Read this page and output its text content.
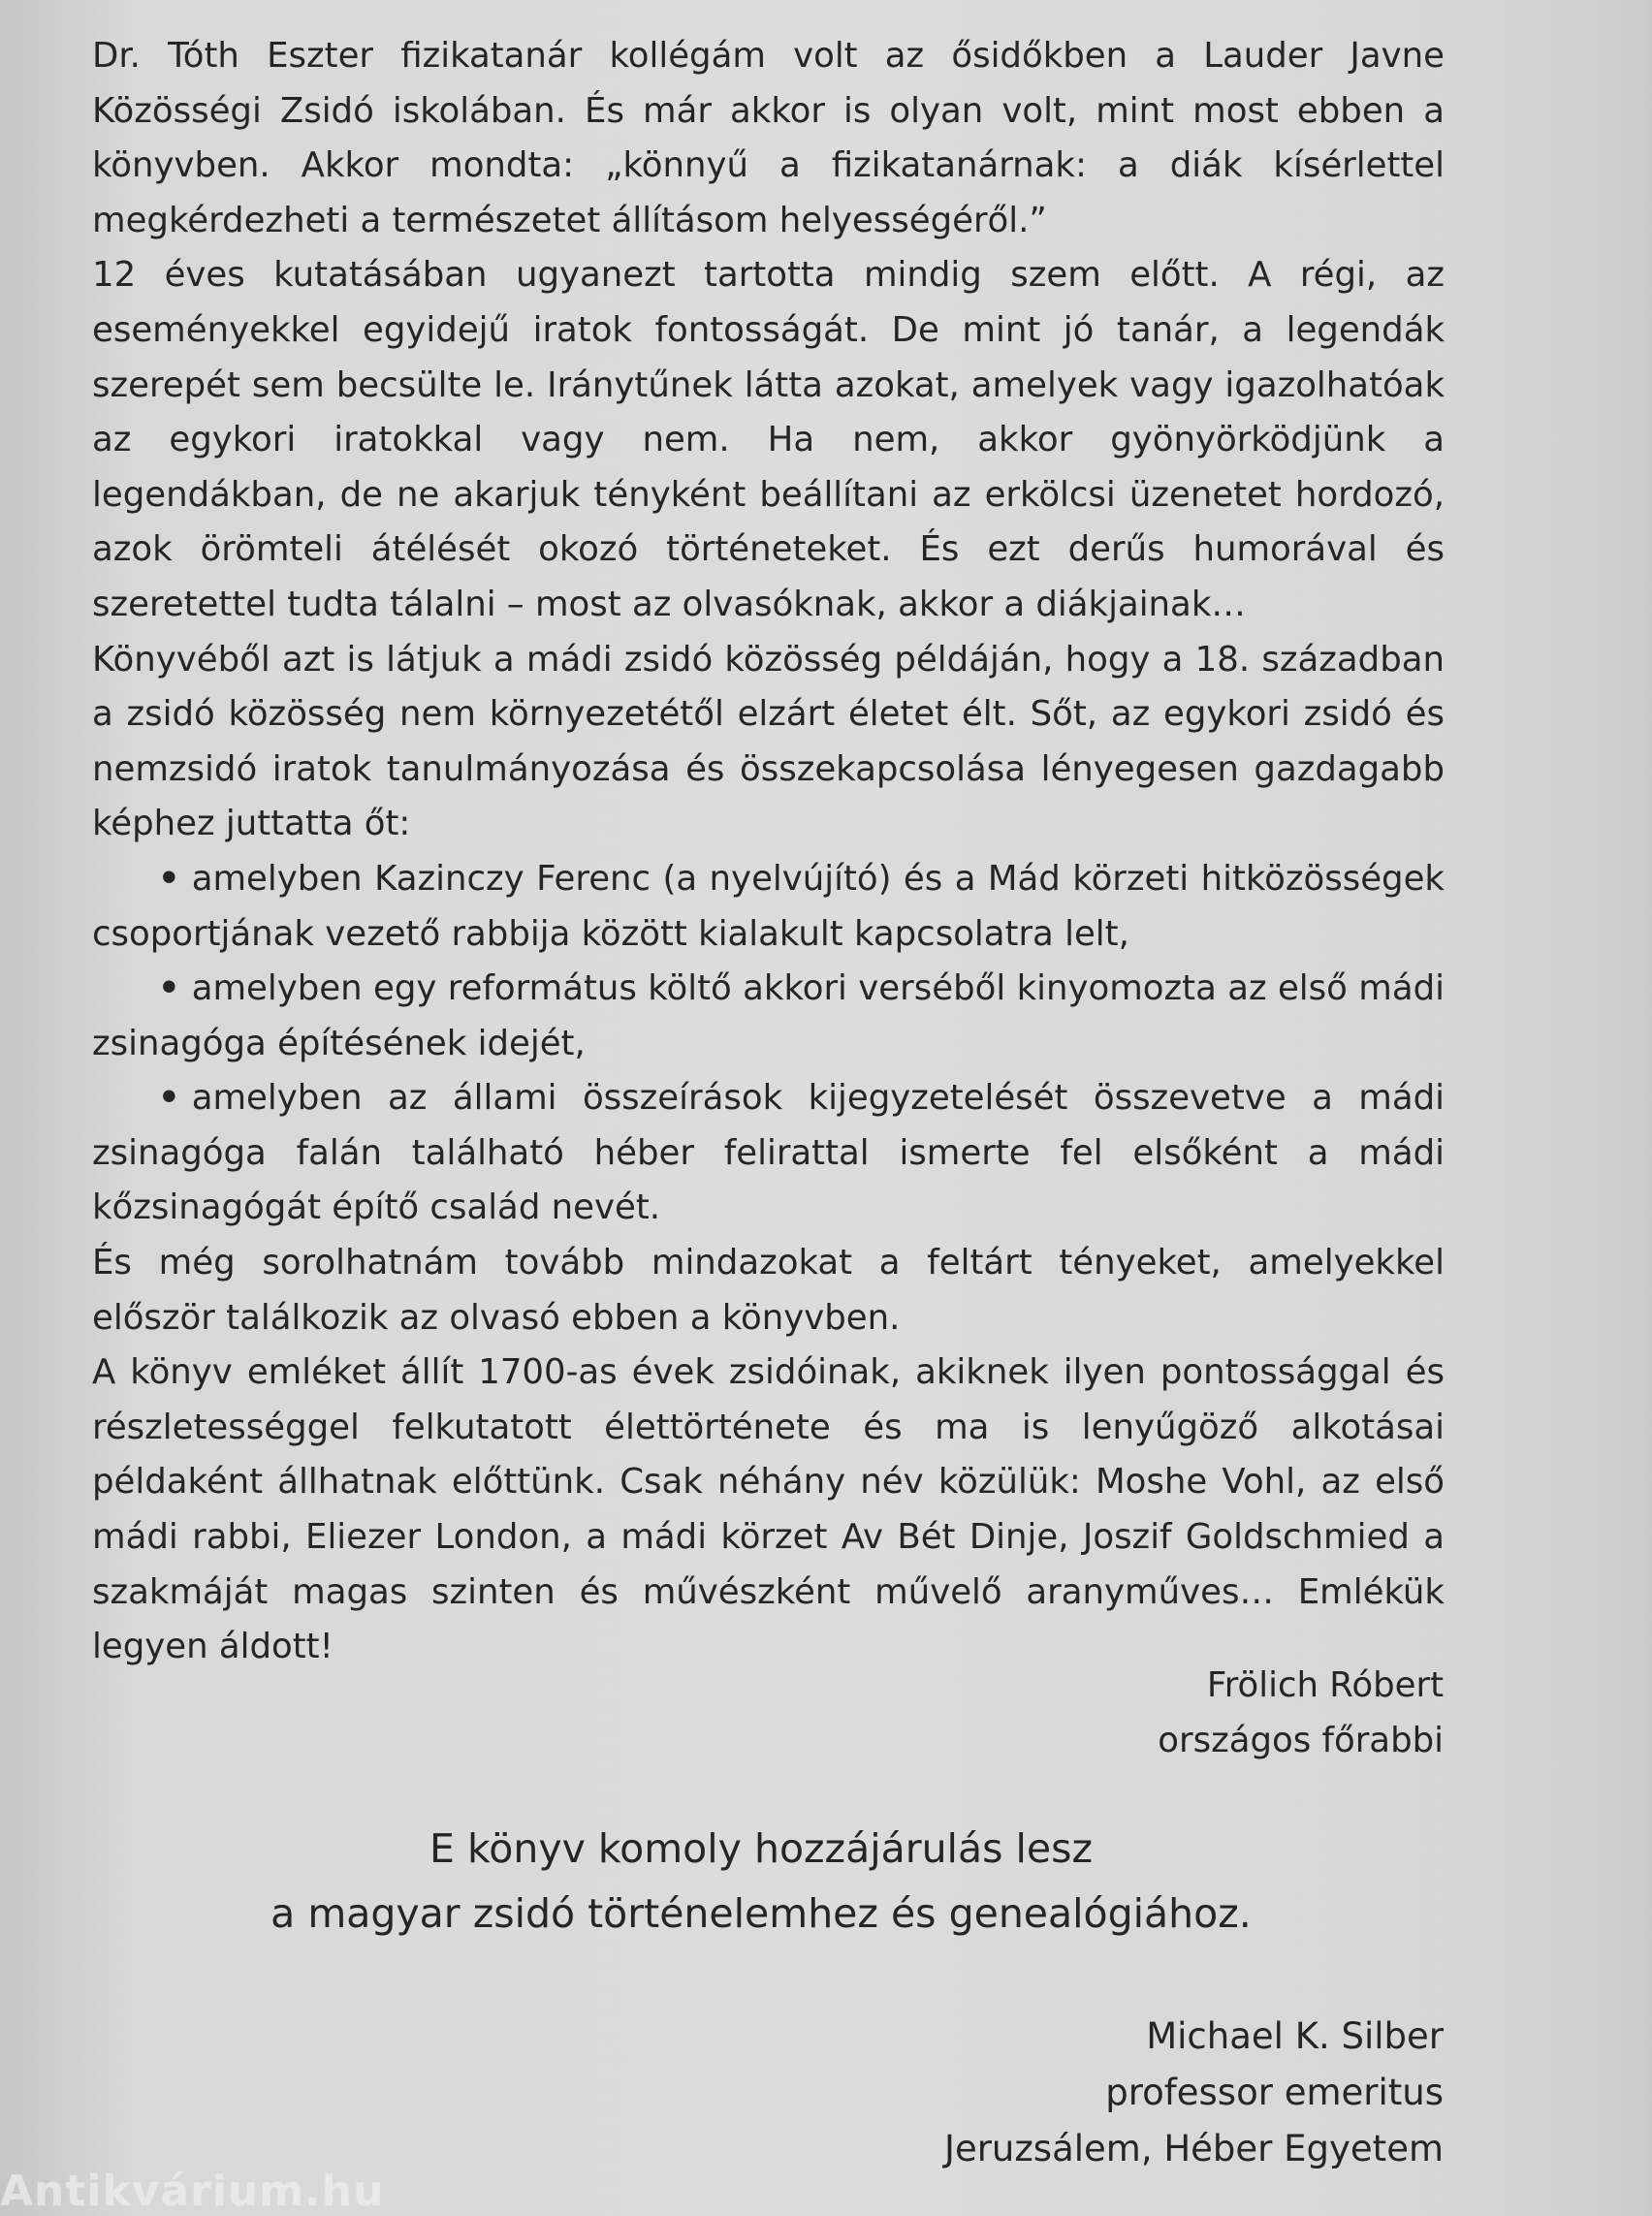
Dr. Tóth Eszter fizikatanár kollégám volt az ősidőkben a Lauder Javne Közösségi Zsidó iskolában. És már akkor is olyan volt, mint most ebben a könyvben. Akkor mondta: „könnyű a fizikatanárnak: a diák kísérlettel megkérdezheti a természetet állításom helyességéről.”

12 éves kutatásában ugyanezt tartotta mindig szem előtt. A régi, az eseményekkel egyidejű iratok fontosságát. De mint jó tanár, a legendák szerepét sem becsülte le. Iránytűnek látta azokat, amelyek vagy igazolhatóak az egykori iratokkal vagy nem. Ha nem, akkor gyönyörködjünk a legendákban, de ne akarjuk tényként beállítani az erkölcsi üzenetet hordozó, azok örömteli átélését okozó történeteket. És ezt derűs humorával és szeretettel tudta tálalni – most az olvasóknak, akkor a diákjainak…

Könyvéből azt is látjuk a mádi zsidó közösség példáján, hogy a 18. században a zsidó közösség nem környezetétől elzárt életet élt. Sőt, az egykori zsidó és nemzsidó iratok tanulmányozása és összekapcsolása lényegesen gazdagabb képhez juttatta őt:

• amelyben Kazinczy Ferenc (a nyelvújító) és a Mád körzeti hitközösségek csoportjának vezető rabbija között kialakult kapcsolatra lelt,

• amelyben egy református költő akkori verséből kinyomozta az első mádi zsinagóga építésének idejét,

• amelyben az állami összeírások kijegyzetelését összevetve a mádi zsinagóga falán található héber felirattal ismerte fel elsőként a mádi kőzsinagógát építő család nevét.

És még sorolhatnám tovább mindazokat a feltárt tényeket, amelyekkel először találkozik az olvasó ebben a könyvben.

A könyv emléket állít 1700-as évek zsidóinak, akiknek ilyen pontossággal és részletességgel felkutatott élettörténete és ma is lenyűgöző alkotásai példaként állhatnak előttünk. Csak néhány név közülük: Moshe Vohl, az első mádi rabbi, Eliezer London, a mádi körzet Av Bét Dinje, Joszif Goldschmied a szakmáját magas szinten és művészként művelő aranyműves… Emlékük legyen áldott!

Frölich Róbert
országos főrabbi
E könyv komoly hozzájárulás lesz
a magyar zsidó történelemhez és genealógiához.
Michael K. Silber
professor emeritus
Jeruzsálem, Héber Egyetem
Antikvárium.hu
